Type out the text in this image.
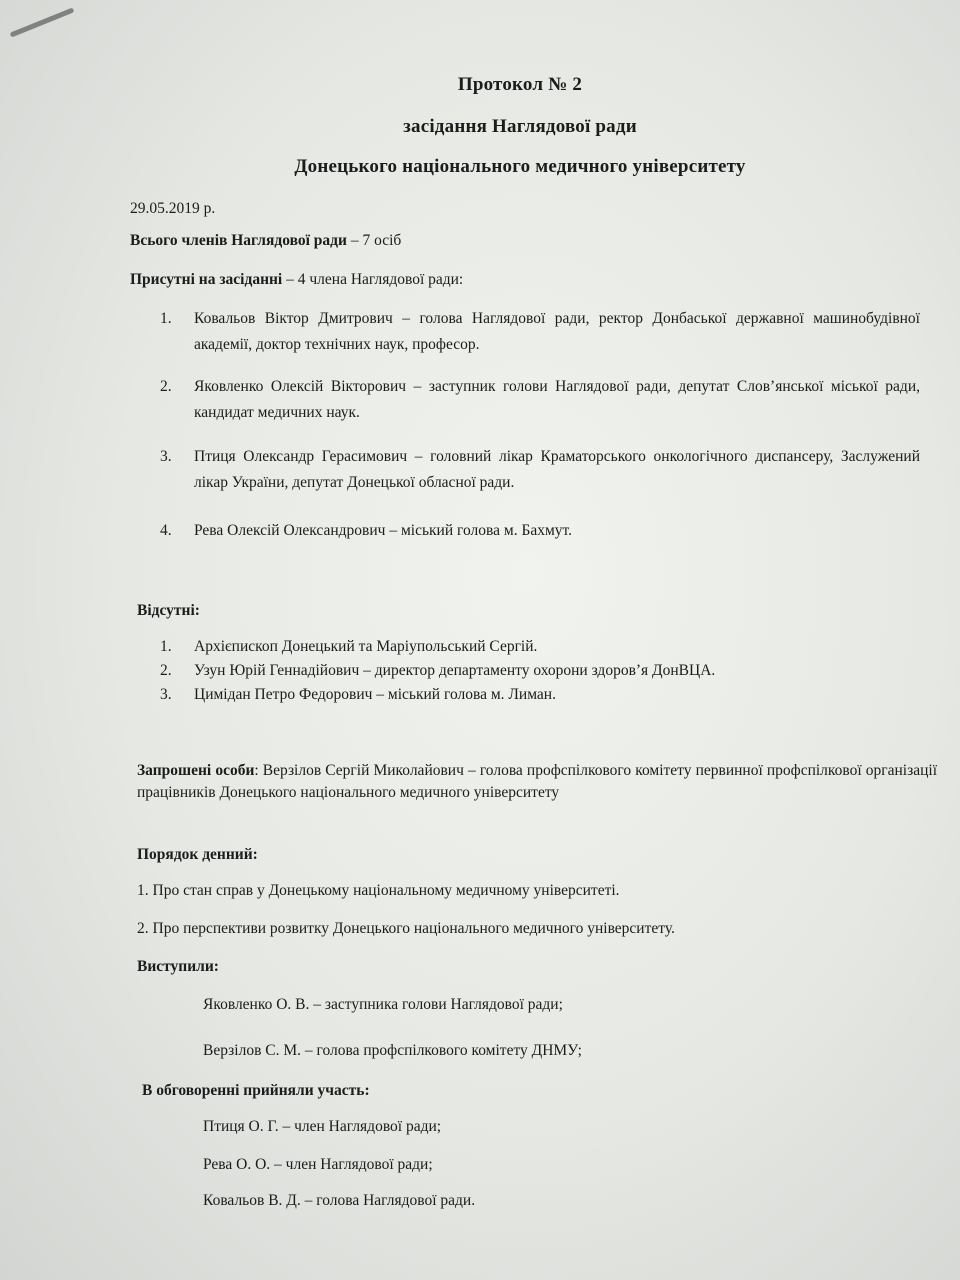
Протокол № 2
засідання Наглядової ради
Донецького національного медичного університету
29.05.2019 р.
Всього членів Наглядової ради – 7 осіб
Присутні на засіданні – 4 члена Наглядової ради:
1.	Ковальов Віктор Дмитрович – голова Наглядової ради, ректор Донбаської державної машинобудівної академії, доктор технічних наук, професор.
2.	Яковленко Олексій Вікторович – заступник голови Наглядової ради, депутат Слов’янської міської ради, кандидат медичних наук.
3.	Птиця Олександр Герасимович – головний лікар Краматорського онкологічного диспансеру, Заслужений лікар України, депутат Донецької обласної ради.
4.	Рева Олексій Олександрович – міський голова м. Бахмут.
Відсутні:
1.	Архієпископ Донецький та Маріупольський Сергій.
2.	Узун Юрій Геннадійович – директор департаменту охорони здоров’я ДонВЦА.
3.	Цимідан Петро Федорович – міський голова м. Лиман.
Запрошені особи: Верзілов Сергій Миколайович – голова профспілкового комітету первинної профспілкової організації працівників Донецького національного медичного університету
Порядок денний:
1. Про стан справ у Донецькому національному медичному університеті.
2. Про перспективи розвитку Донецького національного медичного університету.
Виступили:
Яковленко О. В. – заступника голови Наглядової ради;
Верзілов С. М. – голова профспілкового комітету ДНМУ;
В обговоренні прийняли участь:
Птиця О. Г. – член Наглядової ради;
Рева О. О. – член Наглядової ради;
Ковальов В. Д. – голова Наглядової ради.
